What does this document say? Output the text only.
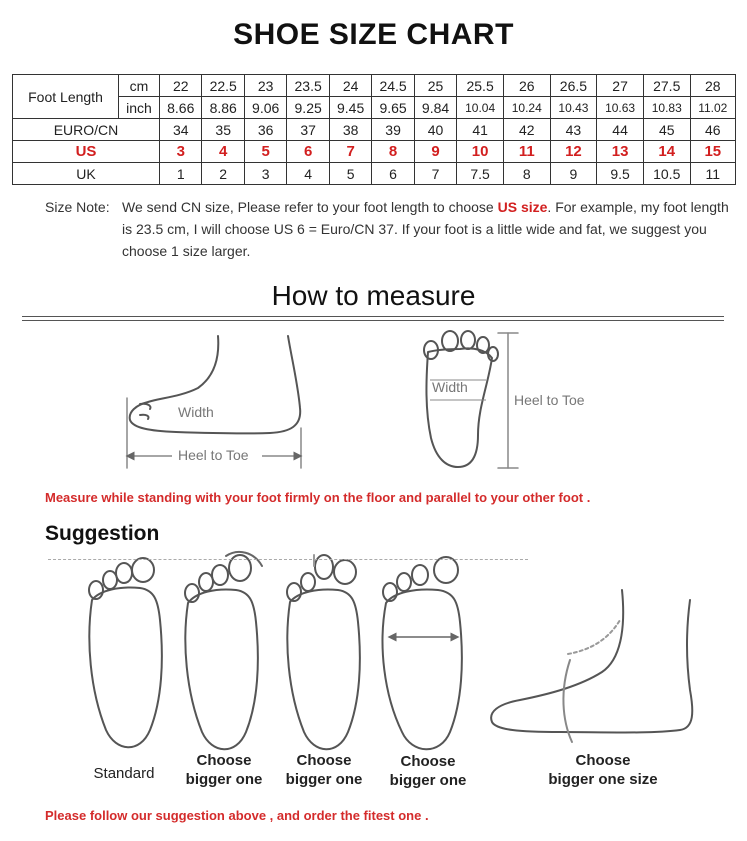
SHOE SIZE CHART
Foot Length	cm	22	22.5	23	23.5	24	24.5	25	25.5	26	26.5	27	27.5	28
	inch	8.66	8.86	9.06	9.25	9.45	9.65	9.84	10.04	10.24	10.43	10.63	10.83	11.02
EURO/CN		34	35	36	37	38	39	40	41	42	43	44	45	46
US		3	4	5	6	7	8	9	10	11	12	13	14	15
UK		1	2	3	4	5	6	7	7.5	8	9	9.5	10.5	11
Size Note: We send CN size, Please refer to your foot length to choose US size. For example, my foot length is 23.5 cm, I will choose US 6 = Euro/CN 37. If your foot is a little wide and fat, we suggest you choose 1 size larger.
How to measure
Width
Heel to Toe
Width
Heel to Toe
Measure while standing with your foot firmly on the floor and parallel to your other foot .
Suggestion
Standard
Choose
bigger one
Choose
bigger one
Choose
bigger one
Choose
bigger one size
Please follow our suggestion above , and order the fitest one .
